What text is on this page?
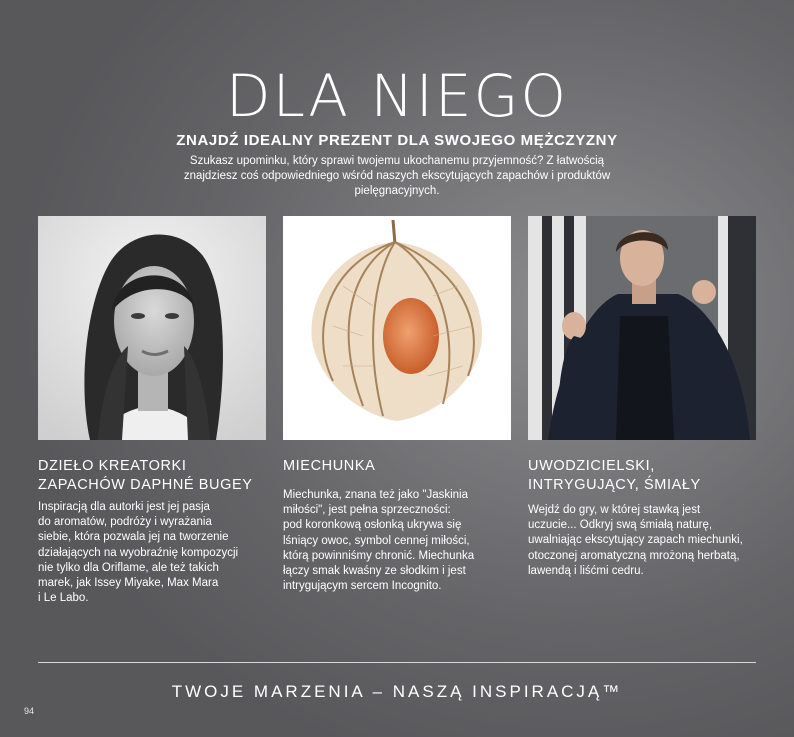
DLA NIEGO
ZNAJDŹ IDEALNY PREZENT DLA SWOJEGO MĘŻCZYZNY
Szukasz upominku, który sprawi twojemu ukochanemu przyjemność? Z łatwością
znajdziesz coś odpowiedniego wśród naszych ekscytujących zapachów i produktów
pielęgnacyjnych.
DZIEŁO KREATORKI
ZAPACHÓW DAPHNÉ BUGEY
Inspiracją dla autorki jest jej pasja
do aromatów, podróży i wyrażania
siebie, która pozwala jej na tworzenie
działających na wyobraźnię kompozycji
nie tylko dla Oriflame, ale też takich
marek, jak Issey Miyake, Max Mara
i Le Labo.
MIECHUNKA
Miechunka, znana też jako "Jaskinia
miłości", jest pełna sprzeczności:
pod koronkową osłonką ukrywa się
lśniący owoc, symbol cennej miłości,
którą powinniśmy chronić. Miechunka
łączy smak kwaśny ze słodkim i jest
intrygującym sercem Incognito.
UWODZICIELSKI,
INTRYGUJĄCY, ŚMIAŁY
Wejdź do gry, w której stawką jest
uczucie... Odkryj swą śmiałą naturę,
uwalniając ekscytujący zapach miechunki,
otoczonej aromatyczną mrożoną herbatą,
lawendą i liśćmi cedru.
TWOJE MARZENIA – NASZĄ INSPIRACJĄ™
94
